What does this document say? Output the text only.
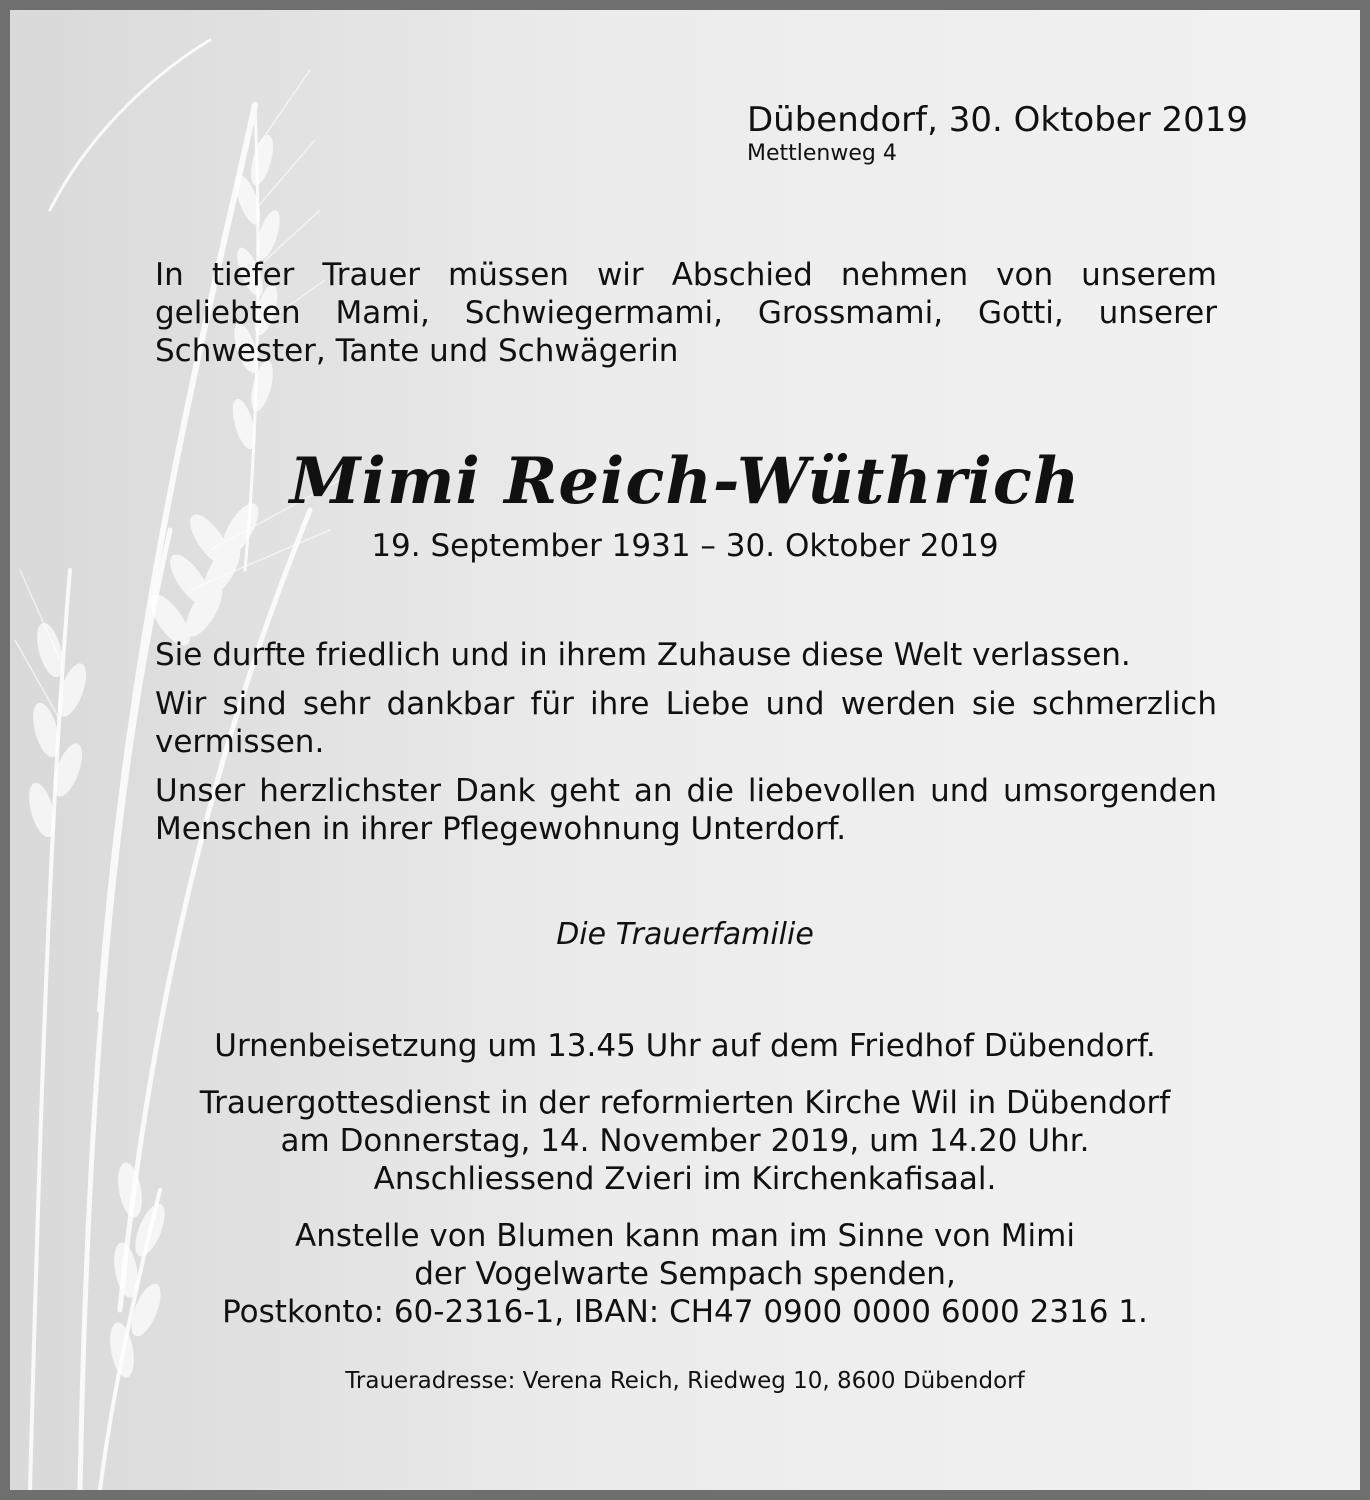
Dübendorf, 30. Oktober 2019
Mettlenweg 4

In tiefer Trauer müssen wir Abschied nehmen von unserem geliebten Mami, Schwiegermami, Grossmami, Gotti, unserer Schwester, Tante und Schwägerin

Mimi Reich-Wüthrich

19. September 1931 – 30. Oktober 2019

Sie durfte friedlich und in ihrem Zuhause diese Welt verlassen.

Wir sind sehr dankbar für ihre Liebe und werden sie schmerzlich vermissen.

Unser herzlichster Dank geht an die liebevollen und umsorgenden Menschen in ihrer Pflegewohnung Unterdorf.

Die Trauerfamilie

Urnenbeisetzung um 13.45 Uhr auf dem Friedhof Dübendorf.

Trauergottesdienst in der reformierten Kirche Wil in Dübendorf
am Donnerstag, 14. November 2019, um 14.20 Uhr.
Anschliessend Zvieri im Kirchenkafisaal.

Anstelle von Blumen kann man im Sinne von Mimi
der Vogelwarte Sempach spenden,
Postkonto: 60-2316-1, IBAN: CH47 0900 0000 6000 2316 1.

Traueradresse: Verena Reich, Riedweg 10, 8600 Dübendorf
